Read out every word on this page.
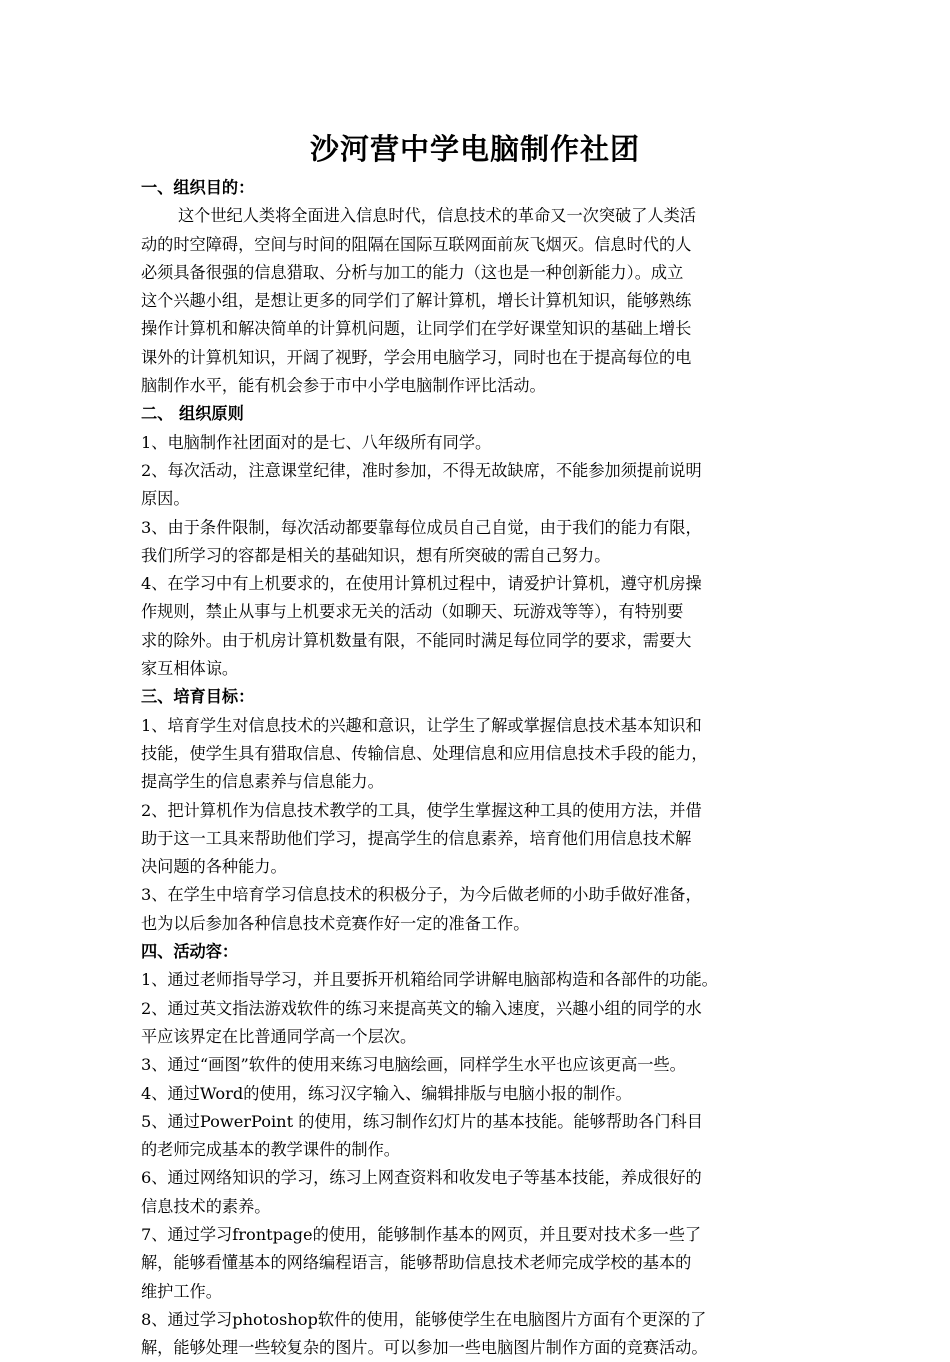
沙河营中学电脑制作社团
一、组织目的：
这个世纪人类将全面进入信息时代，信息技术的革命又一次突破了人类活
动的时空障碍，空间与时间的阻隔在国际互联网面前灰飞烟灭。信息时代的人
必须具备很强的信息猎取、分析与加工的能力（这也是一种创新能力）。成立
这个兴趣小组，是想让更多的同学们了解计算机，增长计算机知识，能够熟练
操作计算机和解决简单的计算机问题，让同学们在学好课堂知识的基础上增长
课外的计算机知识，开阔了视野，学会用电脑学习，同时也在于提高每位的电
脑制作水平，能有机会参于市中小学电脑制作评比活动。
二、 组织原则
1、电脑制作社团面对的是七、八年级所有同学。
2、每次活动，注意课堂纪律，准时参加，不得无故缺席，不能参加须提前说明
原因。
3、由于条件限制，每次活动都要靠每位成员自己自觉，由于我们的能力有限，
我们所学习的容都是相关的基础知识，想有所突破的需自己努力。
4、在学习中有上机要求的，在使用计算机过程中，请爱护计算机，遵守机房操
作规则，禁止从事与上机要求无关的活动（如聊天、玩游戏等等），有特别要
求的除外。由于机房计算机数量有限，不能同时满足每位同学的要求，需要大
家互相体谅。
三、培育目标：
1、培育学生对信息技术的兴趣和意识，让学生了解或掌握信息技术基本知识和
技能，使学生具有猎取信息、传输信息、处理信息和应用信息技术手段的能力，
提高学生的信息素养与信息能力。
2、把计算机作为信息技术教学的工具，使学生掌握这种工具的使用方法，并借
助于这一工具来帮助他们学习，提高学生的信息素养，培育他们用信息技术解
决问题的各种能力。
3、在学生中培育学习信息技术的积极分子，为今后做老师的小助手做好准备，
也为以后参加各种信息技术竞赛作好一定的准备工作。
四、活动容：
1、通过老师指导学习，并且要拆开机箱给同学讲解电脑部构造和各部件的功能。
2、通过英文指法游戏软件的练习来提高英文的输入速度，兴趣小组的同学的水
平应该界定在比普通同学高一个层次。
3、通过“画图”软件的使用来练习电脑绘画，同样学生水平也应该更高一些。
4、通过Word的使用，练习汉字输入、编辑排版与电脑小报的制作。
5、通过PowerPoint 的使用，练习制作幻灯片的基本技能。能够帮助各门科目
的老师完成基本的教学课件的制作。
6、通过网络知识的学习，练习上网查资料和收发电子等基本技能，养成很好的
信息技术的素养。
7、通过学习frontpage的使用，能够制作基本的网页，并且要对技术多一些了
解，能够看懂基本的网络编程语言，能够帮助信息技术老师完成学校的基本的
维护工作。
8、通过学习photoshop软件的使用，能够使学生在电脑图片方面有个更深的了
解，能够处理一些较复杂的图片。可以参加一些电脑图片制作方面的竞赛活动。
